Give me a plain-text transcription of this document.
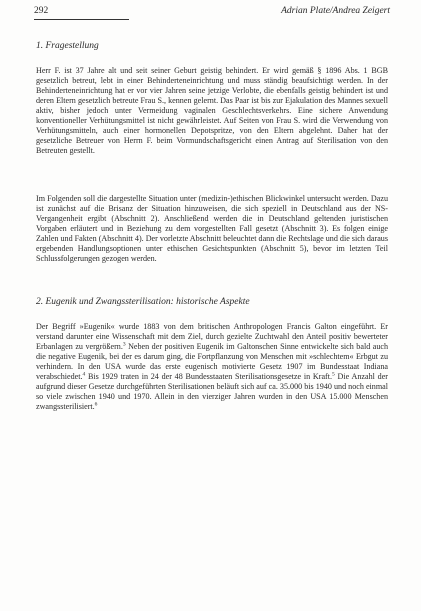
292	Adrian Plate/Andrea Zeigert
1. Fragestellung

Herr F. ist 37 Jahre alt und seit seiner Geburt geistig behindert. Er wird gemäß § 1896 Abs. 1 BGB gesetzlich betreut, lebt in einer Behinderteneinrichtung und muss ständig beaufsichtigt werden. In der Behinderteneinrichtung hat er vor vier Jahren seine jetzige Verlobte, die ebenfalls geistig behindert ist und deren Eltern gesetzlich betreute Frau S., kennen gelernt. Das Paar ist bis zur Ejakulation des Mannes sexuell aktiv, bisher jedoch unter Vermeidung vaginalen Geschlechtsverkehrs. Eine sichere Anwendung konventioneller Verhütungsmittel ist nicht gewährleistet. Auf Seiten von Frau S. wird die Verwendung von Verhütungsmitteln, auch einer hormonellen Depotspritze, von den Eltern abgelehnt. Daher hat der gesetzliche Betreuer von Herrn F. beim Vormundschaftsgericht einen Antrag auf Sterilisation von den Betreuten gestellt.

Im Folgenden soll die dargestellte Situation unter (medizin-)ethischen Blickwinkel untersucht werden. Dazu ist zunächst auf die Brisanz der Situation hinzuweisen, die sich speziell in Deutschland aus der NS-Vergangenheit ergibt (Abschnitt 2). Anschließend werden die in Deutschland geltenden juristischen Vorgaben erläutert und in Beziehung zu dem vorgestellten Fall gesetzt (Abschnitt 3). Es folgen einige Zahlen und Fakten (Abschnitt 4). Der vorletzte Abschnitt beleuchtet dann die Rechtslage und die sich daraus ergebenden Handlungsoptionen unter ethischen Gesichtspunkten (Abschnitt 5), bevor im letzten Teil Schlussfolgerungen gezogen werden.

2. Eugenik und Zwangssterilisation: historische Aspekte

Der Begriff »Eugenik« wurde 1883 von dem britischen Anthropologen Francis Galton eingeführt. Er verstand darunter eine Wissenschaft mit dem Ziel, durch gezielte Zuchtwahl den Anteil positiv bewerteter Erbanlagen zu vergrößern.$^3$ Neben der positiven Eugenik im Galtonschen Sinne entwickelte sich bald auch die negative Eugenik, bei der es darum ging, die Fortpflanzung von Menschen mit »schlechtem« Erbgut zu verhindern. In den USA wurde das erste eugenisch motivierte Gesetz 1907 im Bundesstaat Indiana verabschiedet.$^4$ Bis 1929 traten in 24 der 48 Bundesstaaten Sterilisationsgesetze in Kraft.$^5$ Die Anzahl der aufgrund dieser Gesetze durchgeführten Sterilisationen beläuft sich auf ca. 35.000 bis 1940 und noch einmal so viele zwischen 1940 und 1970. Allein in den vierziger Jahren wurden in den USA 15.000 Menschen zwangssterilisiert.$^6$
